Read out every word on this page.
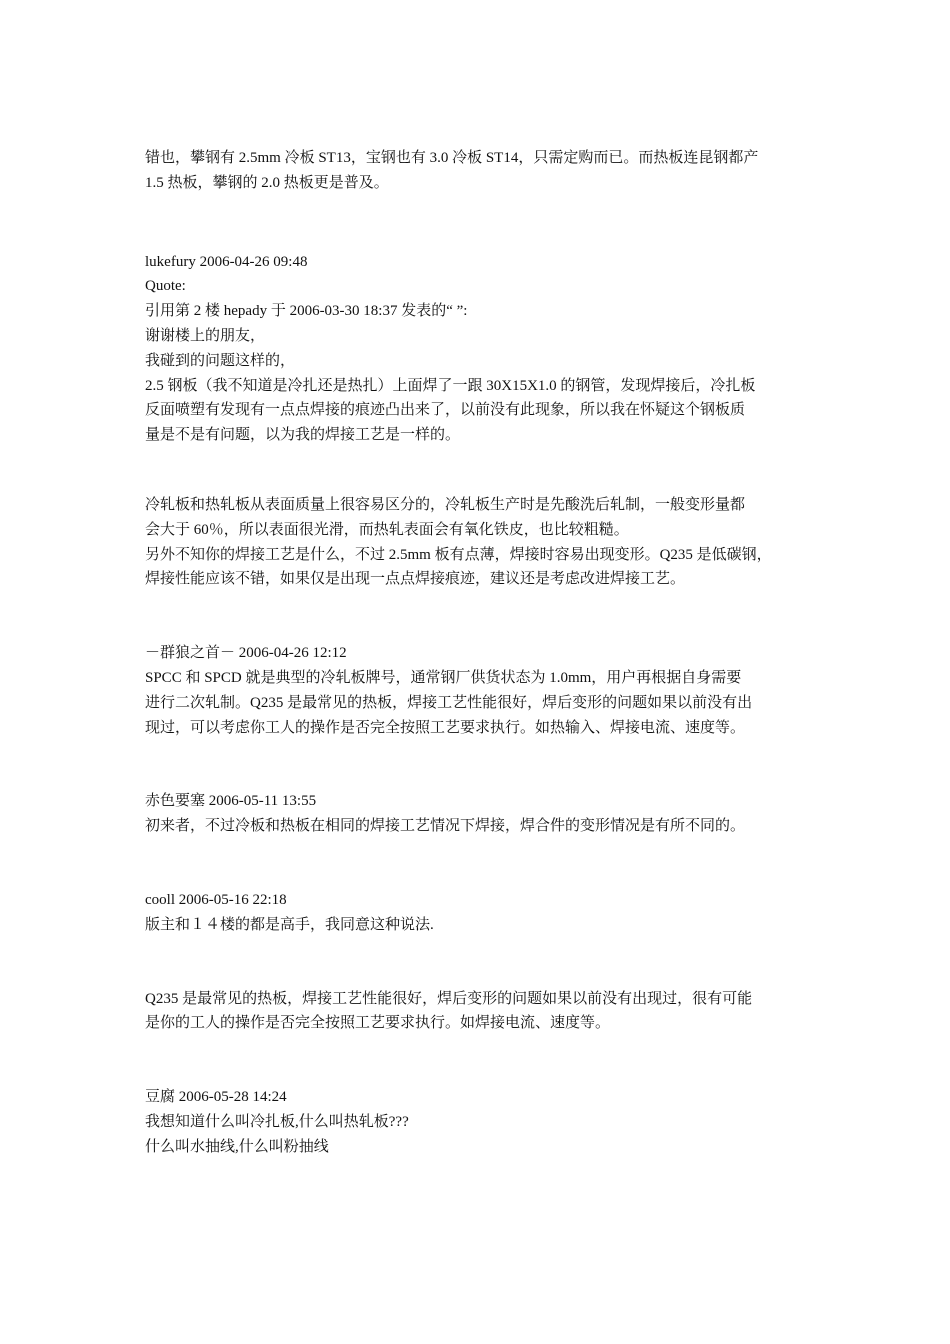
错也，攀钢有 2.5mm 冷板 ST13，宝钢也有 3.0 冷板 ST14，只需定购而已。而热板连昆钢都产
1.5 热板，攀钢的 2.0 热板更是普及。
lukefury 2006-04-26 09:48
Quote:
引用第 2 楼 hepady 于 2006-03-30 18:37 发表的“ ”:
谢谢楼上的朋友，
我碰到的问题这样的，
2.5 钢板（我不知道是冷扎还是热扎）上面焊了一跟 30X15X1.0 的钢管，发现焊接后，冷扎板
反面喷塑有发现有一点点焊接的痕迹凸出来了，以前没有此现象，所以我在怀疑这个钢板质
量是不是有问题，以为我的焊接工艺是一样的。
冷轧板和热轧板从表面质量上很容易区分的，冷轧板生产时是先酸洗后轧制，一般变形量都
会大于 60％，所以表面很光滑，而热轧表面会有氧化铁皮，也比较粗糙。
另外不知你的焊接工艺是什么，不过 2.5mm 板有点薄，焊接时容易出现变形。Q235 是低碳钢，
焊接性能应该不错，如果仅是出现一点点焊接痕迹，建议还是考虑改进焊接工艺。
－群狼之首－ 2006-04-26 12:12
SPCC 和 SPCD 就是典型的冷轧板牌号，通常钢厂供货状态为 1.0mm，用户再根据自身需要
进行二次轧制。Q235 是最常见的热板，焊接工艺性能很好，焊后变形的问题如果以前没有出
现过，可以考虑你工人的操作是否完全按照工艺要求执行。如热输入、焊接电流、速度等。
赤色要塞 2006-05-11 13:55
初来者，不过冷板和热板在相同的焊接工艺情况下焊接，焊合件的变形情况是有所不同的。
cooll 2006-05-16 22:18
版主和１４楼的都是高手，我同意这种说法.
Q235 是最常见的热板，焊接工艺性能很好，焊后变形的问题如果以前没有出现过，很有可能
是你的工人的操作是否完全按照工艺要求执行。如焊接电流、速度等。
豆腐 2006-05-28 14:24
我想知道什么叫冷扎板,什么叫热轧板???
什么叫水抽线,什么叫粉抽线
